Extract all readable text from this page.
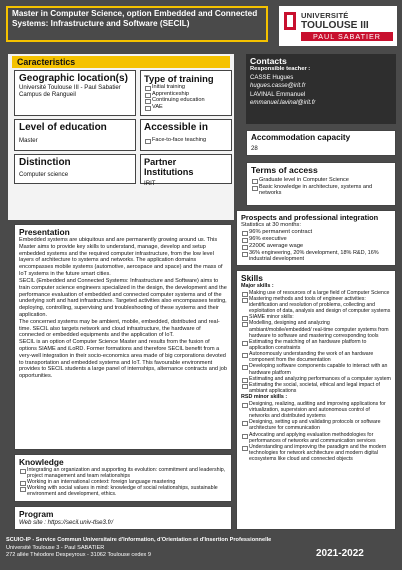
Master in Computer Science, option Embedded and Connected Systems: Infrastructure and Software (SECIL)
UNIVERSITÉ
TOULOUSE III
PAUL SABATIER
Caracteristics
Geographic location(s)
Université Toulouse III - Paul Sabatier
Campus de Rangueil
Type of training
Initial training
Apprenticeship
Continuing education
VAE
Level of education
Master
Accessible in
Face-to-face teaching
Distinction
Computer science
Partner Institutions
IRIT
Contacts
Responsible teacher :
CASSE Hugues
hugues.casse@irit.fr
LAVINAL Emmanuel
emmanuel.lavinal@irit.fr
Accommodation capacity
28
Terms of access
Graduate level in Computer Science
Basic knowledge in architecture, systems and networks
Presentation
Embedded systems are ubiquitous and are permanently growing around us. This Master aims to provide key skills to understand, manage, develop and setup embedded systems and the required computer infrastructure, from the low level layers of architecture to systems and networks. The application domains encompasses mobile systems (automotive, aerospace and space) and the mass of IoT systems in the future smart cities.
SECIL (Embedded and Connected Systems: Infrastructure and Software) aims to train computer science engineers specialized in the design, the development and the performance evaluation of embedded and connected computer systems and of the underlying soft and hard infrastructure. Targeted activities also encompasses testing, deploying, controlling, supervising and troubleshooting of these systems and their application.
The concerned systems may be ambient, mobile, embedded, distributed and real-time. SECIL also targets network and cloud infrastructure, the hardware of connected or embedded equipments and the application of IoT.
SECIL is an option of Computer Science Master and results from the fusion of options SIAME and iLoRD. Former formations and therefore SECIL benefit from a very-well integration in their socio-economics area made of big corporations devoted to transportation and embedded systems and IoT. This favourable environment provides to SECIL students a large panel of internships, alternance contracts and job opportunities.
Knowledge
Integrating an organization and supporting its evolution: commitment and leadership, project management and team relationships
Working in an international context: foreign language mastering
Working with social values in mind: knowledge of social relationships, sustainable environment and development, ethics.
Program
Web site : https://secil.univ-tlse3.fr/
Prospects and professional integration
Statistics at 30 months:
96% permanent contract
96% executive
2200€ average wage
36% engineering, 20% development, 18% R&D, 16% industrial development
Skills
Major skills :
Making use of resources of a large field of Computer Science
Mastering methods and tools of engineer activities: identification and resolution of problems, collecting and exploitation of data, analysis and design of computer systems
SIAME minor skills:
Modelling, designing and analyzing ambiant/mobile/embedded/ real-time computer systems from hardware to software and mastering corresponding tools
Estimating the matching of an hardware platform to application constraints
Autonomously understanding the work of an hardware component from the documentation
Developing software components capable to interact with an hardware platform
Estimating and analyzing performances of a computer system
Estimating the social, societal, ethical and legal impact of ambiant applications
RSD minor skills :
Designing, realizing, auditing and improving applications for virtualization, supervision and autonomous control of networks and distributed systems
Designing, setting up and validating protocols or software architecture for communication
Advocating and applying evaluation methodologies for performances of networks and communication services
Understanding and improving the paradigm and the modern technologies for network architecture and modern digital ecosystems like cloud and connected objects
SCUIO-IP - Service Commun Universitaire d'Information, d'Orientation et d'Insertion Professionnelle
Université Toulouse 3 - Paul SABATIER
272 allée Théodore Despeyroux - 31062 Toulouse cedex 9	2021-2022
